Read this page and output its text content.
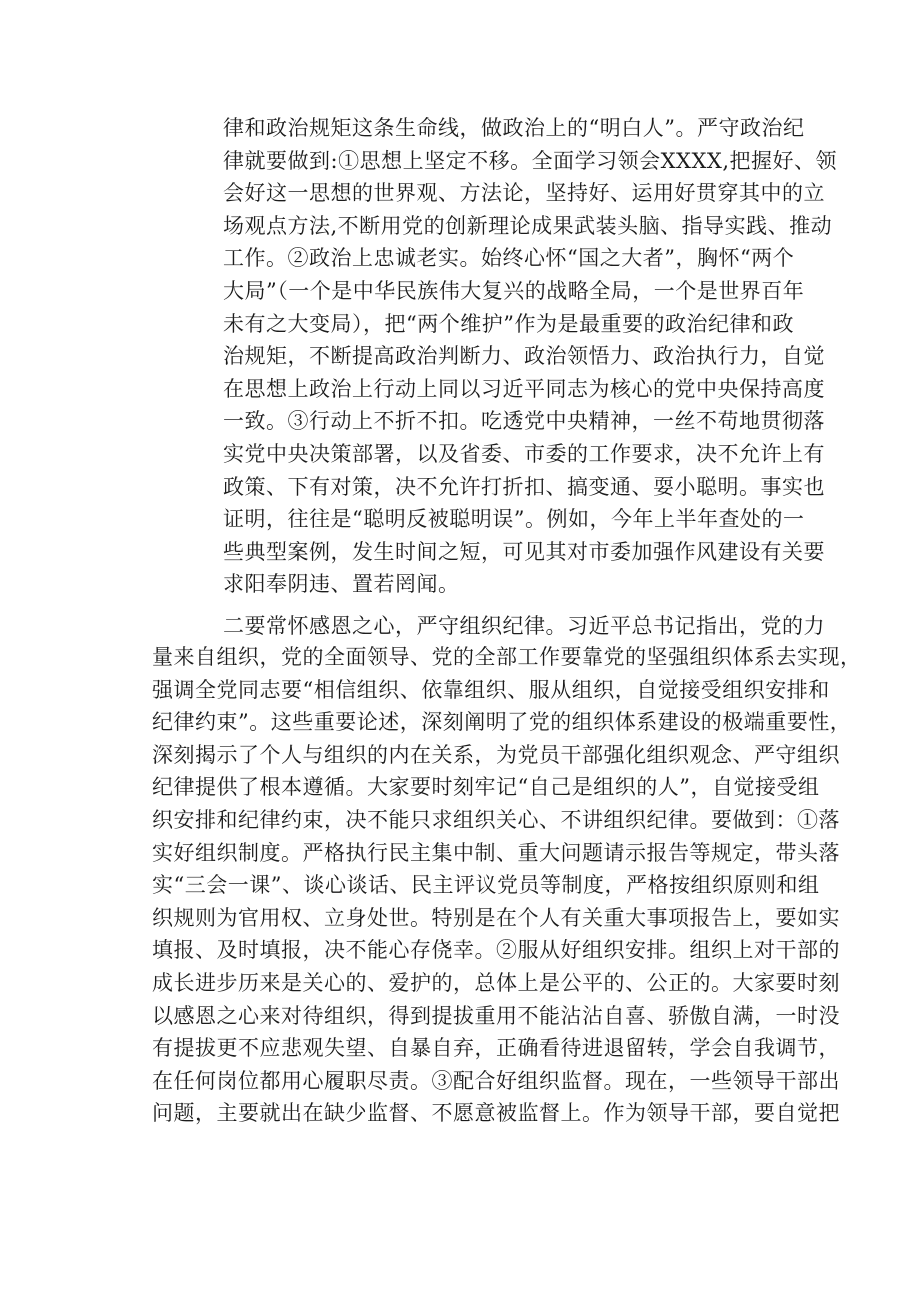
律和政治规矩这条生命线，做政治上的“明白人”。严守政治纪
律就要做到:①思想上坚定不移。全面学习领会XXXX,把握好、领
会好这一思想的世界观、方法论，坚持好、运用好贯穿其中的立
场观点方法,不断用党的创新理论成果武装头脑、指导实践、推动
工作。②政治上忠诚老实。始终心怀“国之大者”，胸怀“两个
大局”（一个是中华民族伟大复兴的战略全局，一个是世界百年
未有之大变局），把“两个维护”作为是最重要的政治纪律和政
治规矩，不断提高政治判断力、政治领悟力、政治执行力，自觉
在思想上政治上行动上同以习近平同志为核心的党中央保持高度
一致。③行动上不折不扣。吃透党中央精神，一丝不苟地贯彻落
实党中央决策部署，以及省委、市委的工作要求，决不允许上有
政策、下有对策，决不允许打折扣、搞变通、耍小聪明。事实也
证明，往往是“聪明反被聪明误”。例如，今年上半年查处的一
些典型案例，发生时间之短，可见其对市委加强作风建设有关要
求阳奉阴违、置若罔闻。
二要常怀感恩之心，严守组织纪律。习近平总书记指出，党的力
量来自组织，党的全面领导、党的全部工作要靠党的坚强组织体系去实现，
强调全党同志要“相信组织、依靠组织、服从组织，自觉接受组织安排和
纪律约束”。这些重要论述，深刻阐明了党的组织体系建设的极端重要性，
深刻揭示了个人与组织的内在关系，为党员干部强化组织观念、严守组织
纪律提供了根本遵循。大家要时刻牢记“自己是组织的人”，自觉接受组
织安排和纪律约束，决不能只求组织关心、不讲组织纪律。要做到：①落
实好组织制度。严格执行民主集中制、重大问题请示报告等规定，带头落
实“三会一课”、谈心谈话、民主评议党员等制度，严格按组织原则和组
织规则为官用权、立身处世。特别是在个人有关重大事项报告上，要如实
填报、及时填报，决不能心存侥幸。②服从好组织安排。组织上对干部的
成长进步历来是关心的、爱护的，总体上是公平的、公正的。大家要时刻
以感恩之心来对待组织，得到提拔重用不能沾沾自喜、骄傲自满，一时没
有提拔更不应悲观失望、自暴自弃，正确看待进退留转，学会自我调节，
在任何岗位都用心履职尽责。③配合好组织监督。现在，一些领导干部出
问题，主要就出在缺少监督、不愿意被监督上。作为领导干部，要自觉把
